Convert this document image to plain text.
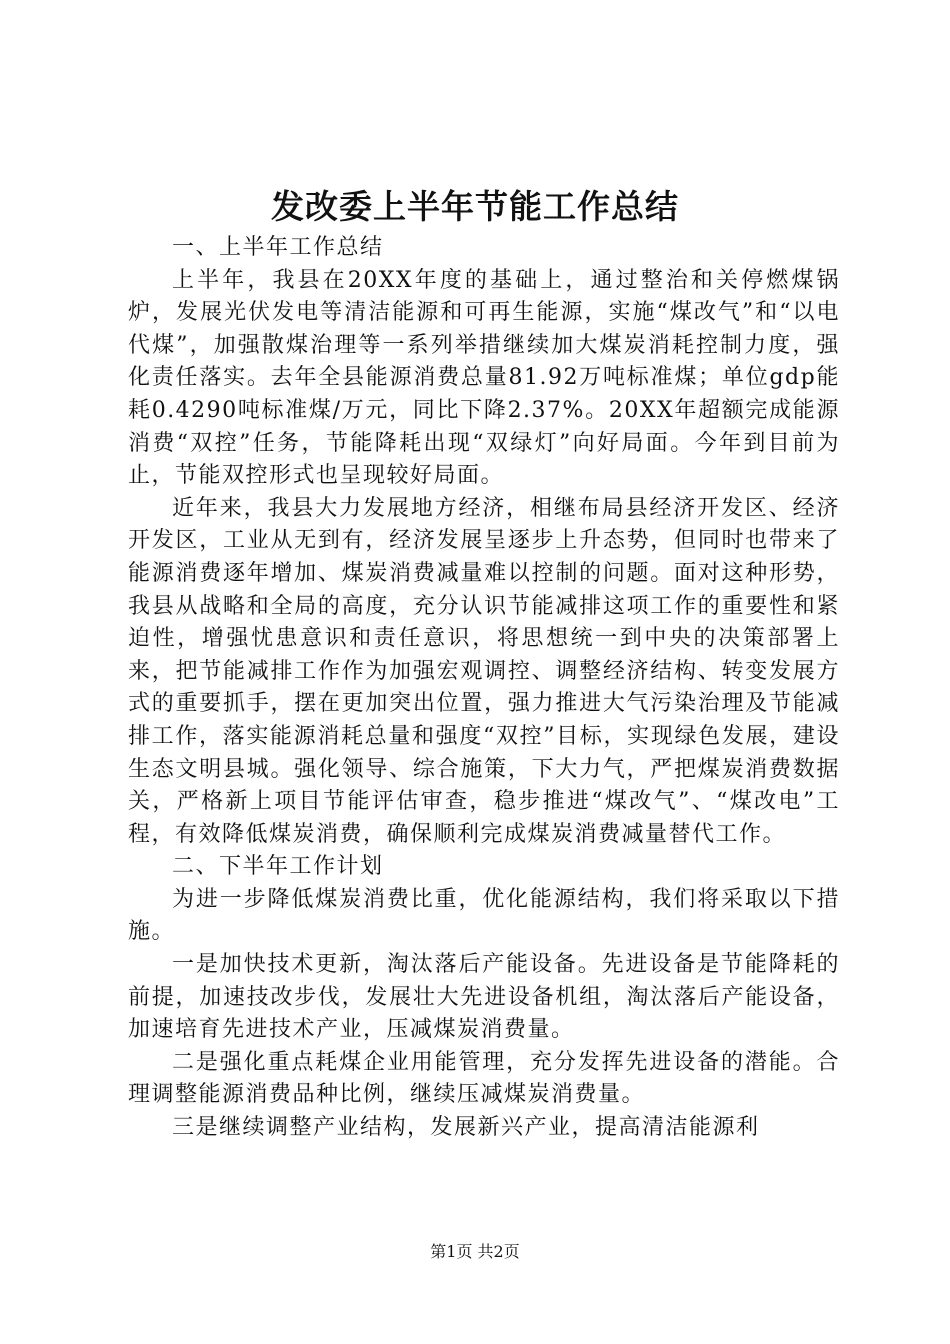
发改委上半年节能工作总结

一、上半年工作总结

上半年，我县在20XX年度的基础上，通过整治和关停燃煤锅炉，发展光伏发电等清洁能源和可再生能源，实施“煤改气”和“以电代煤”，加强散煤治理等一系列举措继续加大煤炭消耗控制力度，强化责任落实。去年全县能源消费总量81.92万吨标准煤；单位gdp能耗0.4290吨标准煤/万元，同比下降2.37%。20XX年超额完成能源消费“双控”任务，节能降耗出现“双绿灯”向好局面。今年到目前为止，节能双控形式也呈现较好局面。

近年来，我县大力发展地方经济，相继布局县经济开发区、经济开发区，工业从无到有，经济发展呈逐步上升态势，但同时也带来了能源消费逐年增加、煤炭消费减量难以控制的问题。面对这种形势，我县从战略和全局的高度，充分认识节能减排这项工作的重要性和紧迫性，增强忧患意识和责任意识，将思想统一到中央的决策部署上来，把节能减排工作作为加强宏观调控、调整经济结构、转变发展方式的重要抓手，摆在更加突出位置，强力推进大气污染治理及节能减排工作，落实能源消耗总量和强度“双控”目标，实现绿色发展，建设生态文明县城。强化领导、综合施策，下大力气，严把煤炭消费数据关，严格新上项目节能评估审查，稳步推进“煤改气”、“煤改电”工程，有效降低煤炭消费，确保顺利完成煤炭消费减量替代工作。

二、下半年工作计划

为进一步降低煤炭消费比重，优化能源结构，我们将采取以下措施。

一是加快技术更新，淘汰落后产能设备。先进设备是节能降耗的前提，加速技改步伐，发展壮大先进设备机组，淘汰落后产能设备，加速培育先进技术产业，压减煤炭消费量。

二是强化重点耗煤企业用能管理，充分发挥先进设备的潜能。合理调整能源消费品种比例，继续压减煤炭消费量。

三是继续调整产业结构，发展新兴产业，提高清洁能源利

第1页 共2页
